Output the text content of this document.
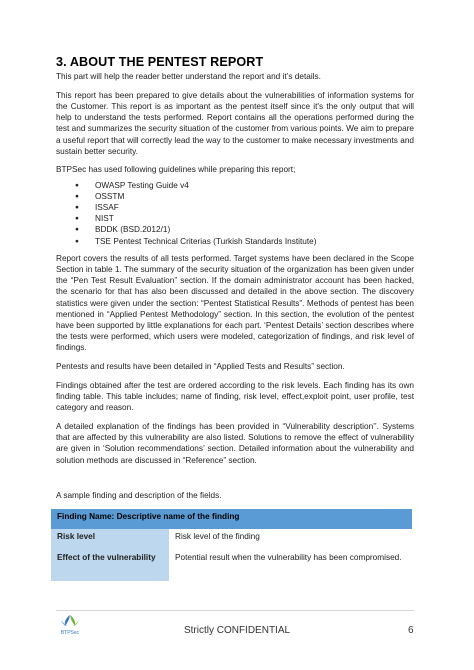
3. ABOUT THE PENTEST REPORT

This part will help the reader better understand the report and it’s details.

This report has been prepared to give details about the vulnerabilities of information systems for the Customer. This report is as important as the pentest itself since it's the only output that will help to understand the tests performed. Report contains all the operations performed during the test and summarizes the security situation of the customer from various points. We aim to prepare a useful report that will correctly lead the way to the customer to make necessary investments and sustain better security.

BTPSec has used following guidelines while preparing this report;

● OWASP Testing Guide v4
● OSSTM
● ISSAF
● NIST
● BDDK (BSD.2012/1)
● TSE Pentest Technical Criterias (Turkish Standards Institute)

Report covers the results of all tests performed. Target systems have been declared in the Scope Section in table 1. The summary of the security situation of the organization has been given under the “Pen Test Result Evaluation” section. If the domain administrator account has been hacked, the scenario for that has also been discussed and detailed in the above section. The discovery statistics were given under the section: “Pentest Statistical Results”. Methods of pentest has been mentioned in “Applied Pentest Methodology” section. In this section, the evolution of the pentest have been supported by little explanations for each part. ‘Pentest Details’ section describes where the tests were performed, which users were modeled, categorization of findings, and risk level of findings.

Pentests and results have been detailed in “Applied Tests and Results” section.

Findings obtained after the test are ordered according to the risk levels. Each finding has its own finding table. This table includes; name of finding, risk level, effect,exploit point, user profile, test category and reason.

A detailed explanation of the findings has been provided in “Vulnerability description’’. Systems that are affected by this vulnerability are also listed. Solutions to remove the effect of vulnerability are given in ‘Solution recommendations’ section. Detailed information about the vulnerability and solution methods are discussed in “Reference” section.

A sample finding and description of the fields.
Finding Name: Descriptive name of the finding	
Risk level	Risk level of the finding
Effect of the vulnerability	Potential result when the vulnerability has been compromised.
BTPSec	Strictly CONFIDENTIAL	6
